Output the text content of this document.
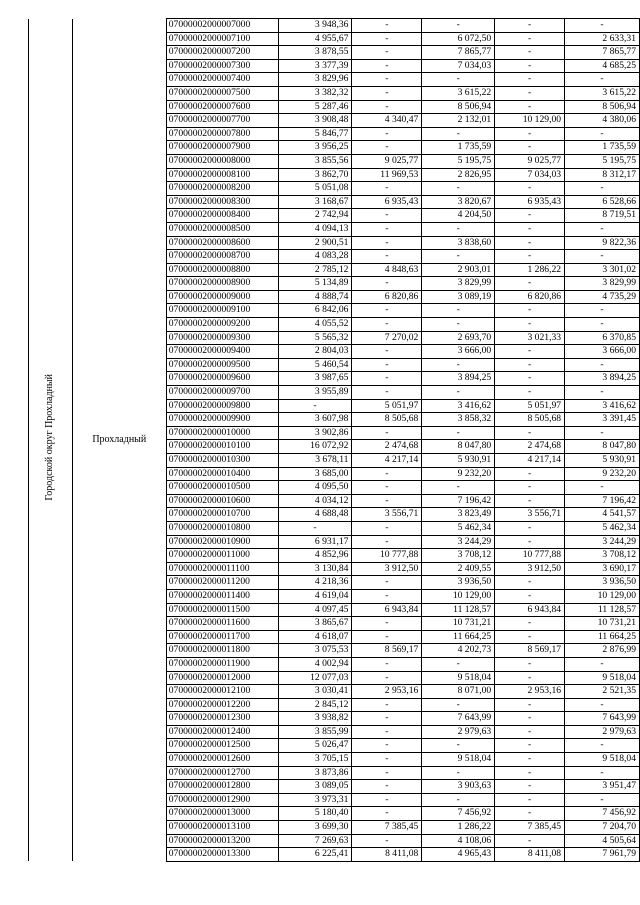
Городской округ Прохладный	Прохладный	07000002000007000	3 948,36	-	-	-	-
		07000002000007100	4 955,67	-	6 072,50	-	2 633,31
		07000002000007200	3 878,55	-	7 865,77	-	7 865,77
		07000002000007300	3 377,39	-	7 034,03	-	4 685,25
		07000002000007400	3 829,96	-	-	-	-
		07000002000007500	3 382,32	-	3 615,22	-	3 615,22
		07000002000007600	5 287,46	-	8 506,94	-	8 506,94
		07000002000007700	3 908,48	4 340,47	2 132,01	10 129,00	4 380,06
		07000002000007800	5 846,77	-	-	-	-
		07000002000007900	3 956,25	-	1 735,59	-	1 735,59
		07000002000008000	3 855,56	9 025,77	5 195,75	9 025,77	5 195,75
		07000002000008100	3 862,70	11 969,53	2 826,95	7 034,03	8 312,17
		07000002000008200	5 051,08	-	-	-	-
		07000002000008300	3 168,67	6 935,43	3 820,67	6 935,43	6 528,66
		07000002000008400	2 742,94	-	4 204,50	-	8 719,51
		07000002000008500	4 094,13	-	-	-	-
		07000002000008600	2 900,51	-	3 838,60	-	9 822,36
		07000002000008700	4 083,28	-	-	-	-
		07000002000008800	2 785,12	4 848,63	2 903,01	1 286,22	3 301,02
		07000002000008900	5 134,89	-	3 829,99	-	3 829,99
		07000002000009000	4 888,74	6 820,86	3 089,19	6 820,86	4 735,29
		07000002000009100	6 842,06	-	-	-	-
		07000002000009200	4 055,52	-	-	-	-
		07000002000009300	5 565,32	7 270,02	2 693,70	3 021,33	6 370,85
		07000002000009400	2 804,03	-	3 666,00	-	3 666,00
		07000002000009500	5 460,54	-	-	-	-
		07000002000009600	3 987,65	-	3 894,25	-	3 894,25
		07000002000009700	3 955,89	-	-	-	-
		07000002000009800	-	5 051,97	3 416,62	5 051,97	3 416,62
		07000002000009900	3 607,98	8 505,68	3 858,32	8 505,68	3 391,45
		07000002000010000	3 902,86	-	-	-	-
		07000002000010100	16 072,92	2 474,68	8 047,80	2 474,68	8 047,80
		07000002000010300	3 678,11	4 217,14	5 930,91	4 217,14	5 930,91
		07000002000010400	3 685,00	-	9 232,20	-	9 232,20
		07000002000010500	4 095,50	-	-	-	-
		07000002000010600	4 034,12	-	7 196,42	-	7 196,42
		07000002000010700	4 688,48	3 556,71	3 823,49	3 556,71	4 541,57
		07000002000010800	-	-	5 462,34	-	5 462,34
		07000002000010900	6 931,17	-	3 244,29	-	3 244,29
		07000002000011000	4 852,96	10 777,88	3 708,12	10 777,88	3 708,12
		07000002000011100	3 130,84	3 912,50	2 409,55	3 912,50	3 690,17
		07000002000011200	4 218,36	-	3 936,50	-	3 936,50
		07000002000011400	4 619,04	-	10 129,00	-	10 129,00
		07000002000011500	4 097,45	6 943,84	11 128,57	6 943,84	11 128,57
		07000002000011600	3 865,67	-	10 731,21	-	10 731,21
		07000002000011700	4 618,07	-	11 664,25	-	11 664,25
		07000002000011800	3 075,53	8 569,17	4 202,73	8 569,17	2 876,99
		07000002000011900	4 002,94	-	-	-	-
		07000002000012000	12 077,03	-	9 518,04	-	9 518,04
		07000002000012100	3 030,41	2 953,16	8 071,00	2 953,16	2 521,35
		07000002000012200	2 845,12	-	-	-	-
		07000002000012300	3 938,82	-	7 643,99	-	7 643,99
		07000002000012400	3 855,99	-	2 979,63	-	2 979,63
		07000002000012500	5 026,47	-	-	-	-
		07000002000012600	3 705,15	-	9 518,04	-	9 518,04
		07000002000012700	3 873,86	-	-	-	-
		07000002000012800	3 089,05	-	3 903,63	-	3 951,47
		07000002000012900	3 973,31	-	-	-	-
		07000002000013000	5 180,40	-	7 456,92	-	7 456,92
		07000002000013100	3 699,30	7 385,45	1 286,22	7 385,45	7 204,70
		07000002000013200	7 269,63	-	4 108,06	-	4 505,64
		07000002000013300	6 225,41	8 411,08	4 965,43	8 411,08	7 961,79
